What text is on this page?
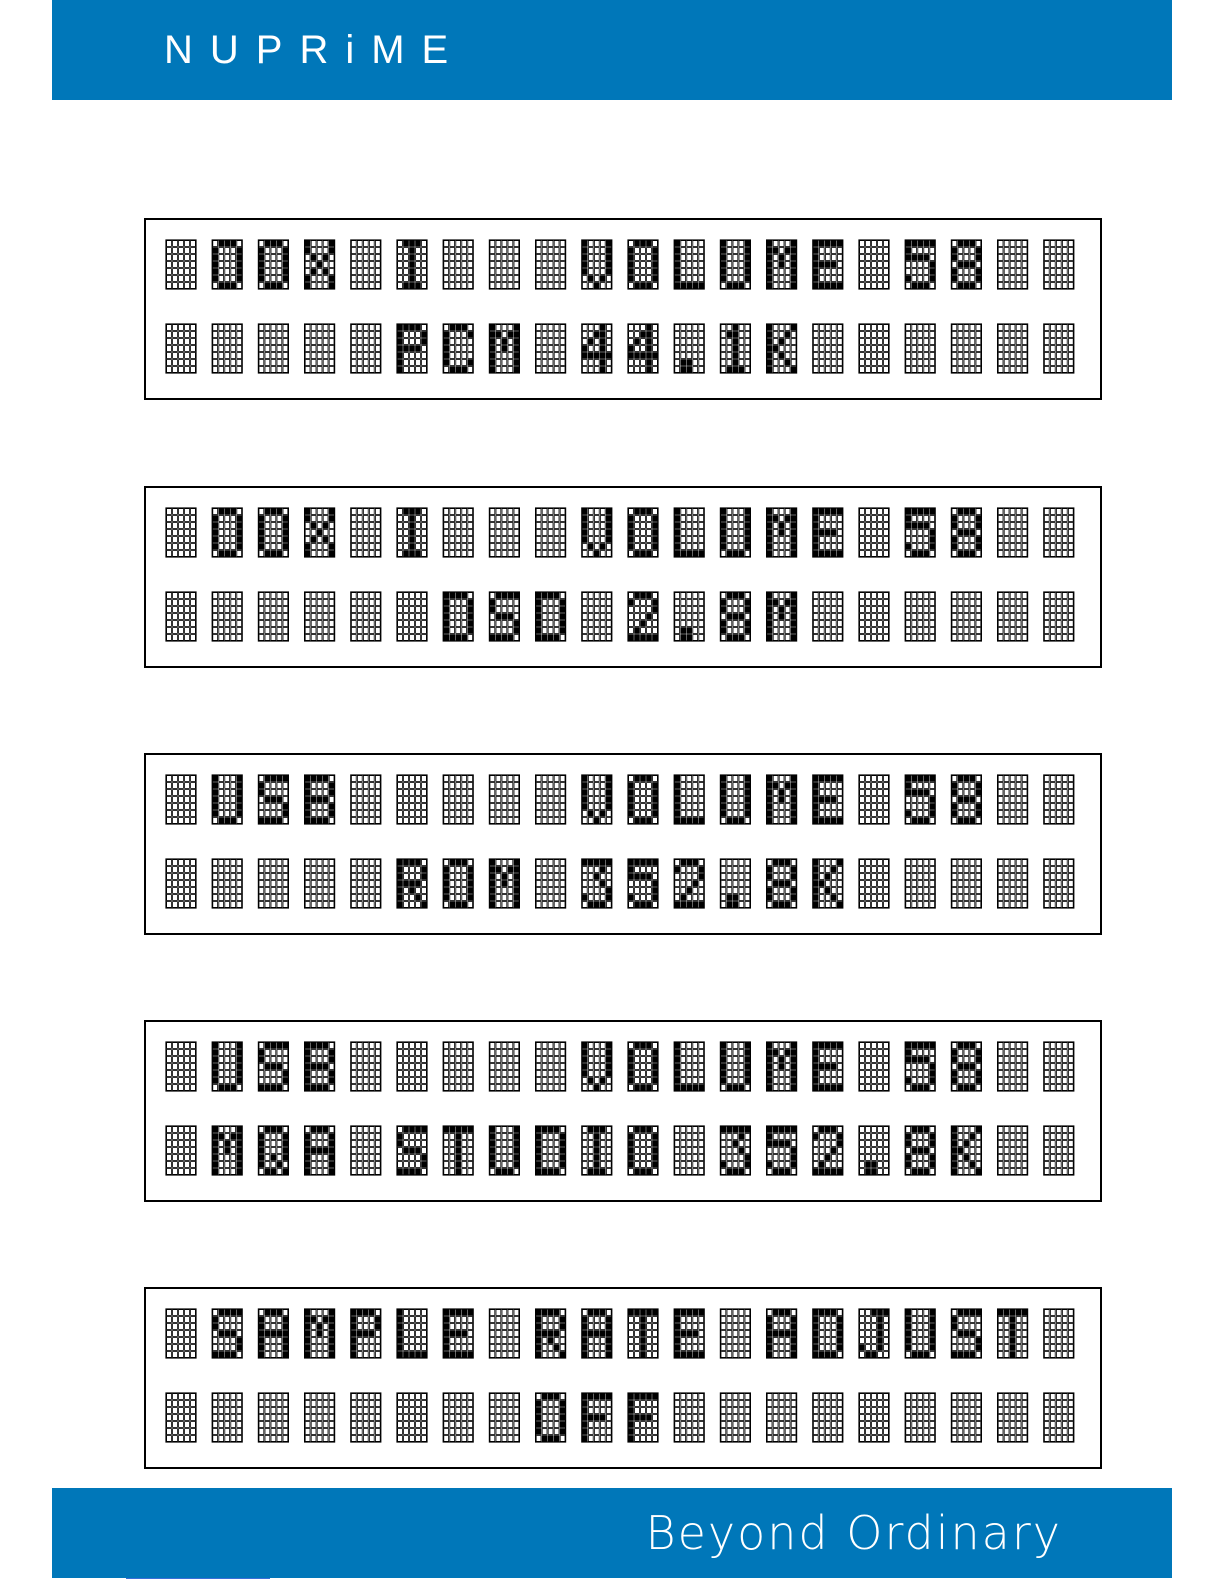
NUPRiME
Beyond Ordinary
